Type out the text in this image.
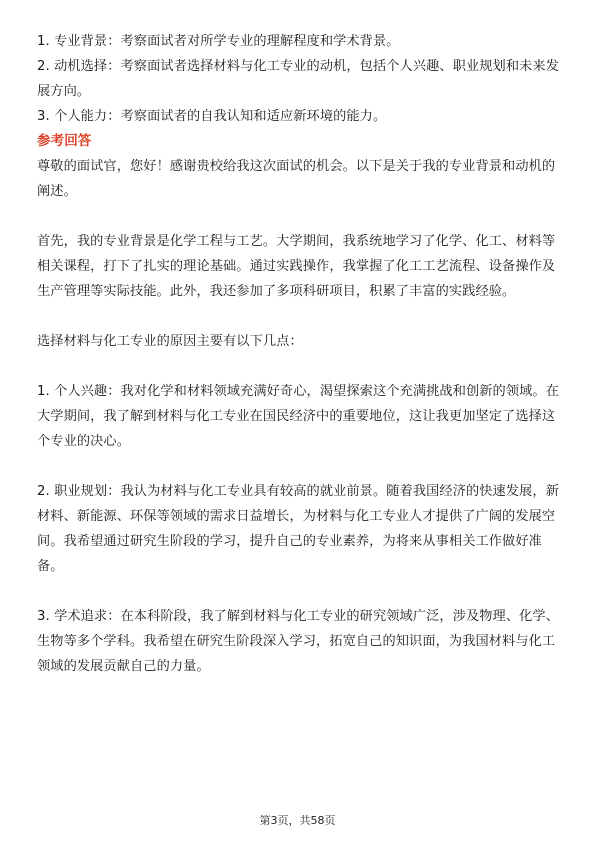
1. 专业背景：考察面试者对所学专业的理解程度和学术背景。

2. 动机选择：考察面试者选择材料与化工专业的动机，包括个人兴趣、职业规划和未来发展方向。

3. 个人能力：考察面试者的自我认知和适应新环境的能力。

参考回答

尊敬的面试官，您好！感谢贵校给我这次面试的机会。以下是关于我的专业背景和动机的阐述。

首先，我的专业背景是化学工程与工艺。大学期间，我系统地学习了化学、化工、材料等相关课程，打下了扎实的理论基础。通过实践操作，我掌握了化工工艺流程、设备操作及生产管理等实际技能。此外，我还参加了多项科研项目，积累了丰富的实践经验。

选择材料与化工专业的原因主要有以下几点：

1. 个人兴趣：我对化学和材料领域充满好奇心，渴望探索这个充满挑战和创新的领域。在大学期间，我了解到材料与化工专业在国民经济中的重要地位，这让我更加坚定了选择这个专业的决心。

2. 职业规划：我认为材料与化工专业具有较高的就业前景。随着我国经济的快速发展，新材料、新能源、环保等领域的需求日益增长，为材料与化工专业人才提供了广阔的发展空间。我希望通过研究生阶段的学习，提升自己的专业素养，为将来从事相关工作做好准备。

3. 学术追求：在本科阶段，我了解到材料与化工专业的研究领域广泛，涉及物理、化学、生物等多个学科。我希望在研究生阶段深入学习，拓宽自己的知识面，为我国材料与化工领域的发展贡献自己的力量。

第3页，共58页
